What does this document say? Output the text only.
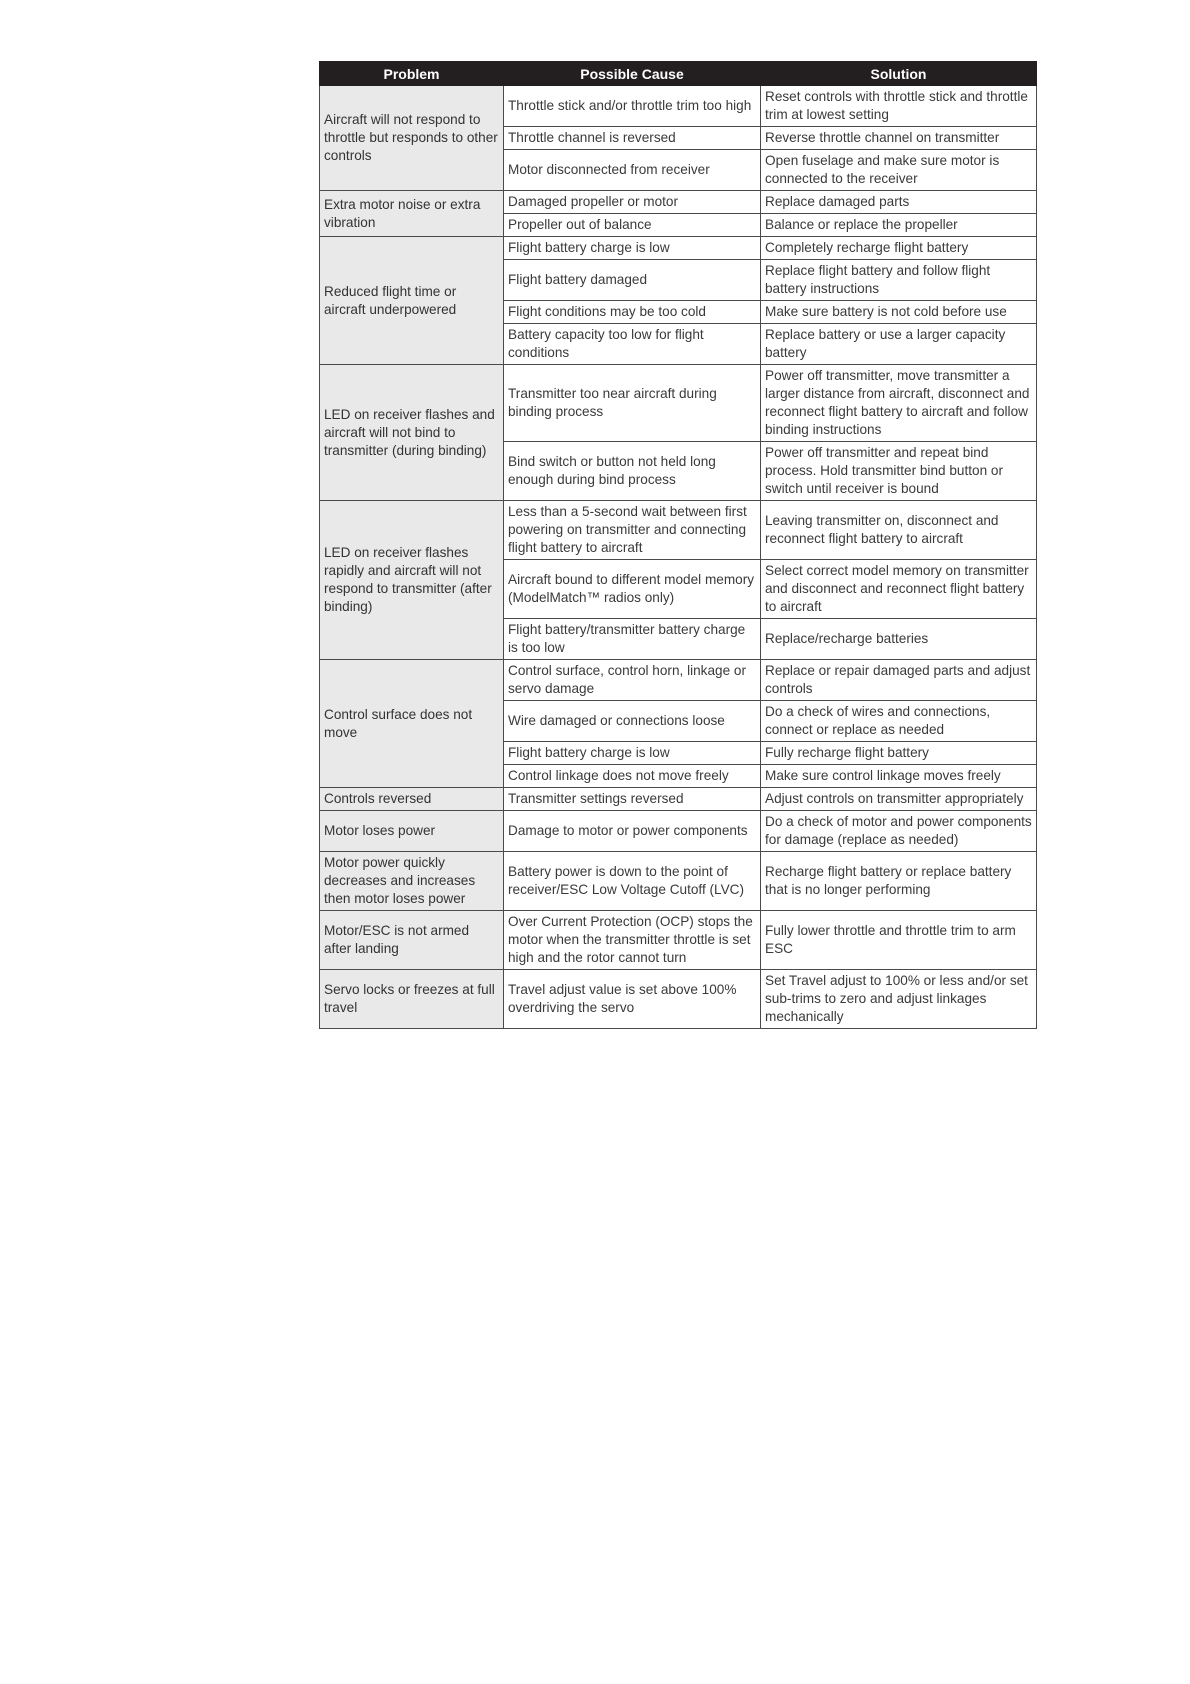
Problem	Possible Cause	Solution
Aircraft will not respond to throttle but responds to other controls	Throttle stick and/or throttle trim too high	Reset controls with throttle stick and throttle trim at lowest setting
	Throttle channel is reversed	Reverse throttle channel on transmitter
	Motor disconnected from receiver	Open fuselage and make sure motor is connected to the receiver
Extra motor noise or extra vibration	Damaged propeller or motor	Replace damaged parts
	Propeller out of balance	Balance or replace the propeller
Reduced flight time or aircraft underpowered	Flight battery charge is low	Completely recharge flight battery
	Flight battery damaged	Replace flight battery and follow flight battery instructions
	Flight conditions may be too cold	Make sure battery is not cold before use
	Battery capacity too low for flight conditions	Replace battery or use a larger capacity battery
LED on receiver flashes and aircraft will not bind to transmitter (during binding)	Transmitter too near aircraft during binding process	Power off transmitter, move transmitter a larger distance from aircraft, disconnect and reconnect flight battery to aircraft and follow binding instructions
	Bind switch or button not held long enough during bind process	Power off transmitter and repeat bind process. Hold transmitter bind button or switch until receiver is bound
LED on receiver flashes rapidly and aircraft will not respond to transmitter (after binding)	Less than a 5-second wait between first powering on transmitter and connecting flight battery to aircraft	Leaving transmitter on, disconnect and reconnect flight battery to aircraft
	Aircraft bound to different model memory (ModelMatch™ radios only)	Select correct model memory on transmitter and disconnect and reconnect flight battery to aircraft
	Flight battery/transmitter battery charge is too low	Replace/recharge batteries
Control surface does not move	Control surface, control horn, linkage or servo damage	Replace or repair damaged parts and adjust controls
	Wire damaged or connections loose	Do a check of wires and connections, connect or replace as needed
	Flight battery charge is low	Fully recharge flight battery
	Control linkage does not move freely	Make sure control linkage moves freely
Controls reversed	Transmitter settings reversed	Adjust controls on transmitter appropriately
Motor loses power	Damage to motor or power components	Do a check of motor and power components for damage (replace as needed)
Motor power quickly decreases and increases then motor loses power	Battery power is down to the point of receiver/ESC Low Voltage Cutoff (LVC)	Recharge flight battery or replace battery that is no longer performing
Motor/ESC is not armed after landing	Over Current Protection (OCP) stops the motor when the transmitter throttle is set high and the rotor cannot turn	Fully lower throttle and throttle trim to arm ESC
Servo locks or freezes at full travel	Travel adjust value is set above 100% overdriving the servo	Set Travel adjust to 100% or less and/or set sub-trims to zero and adjust linkages mechanically
